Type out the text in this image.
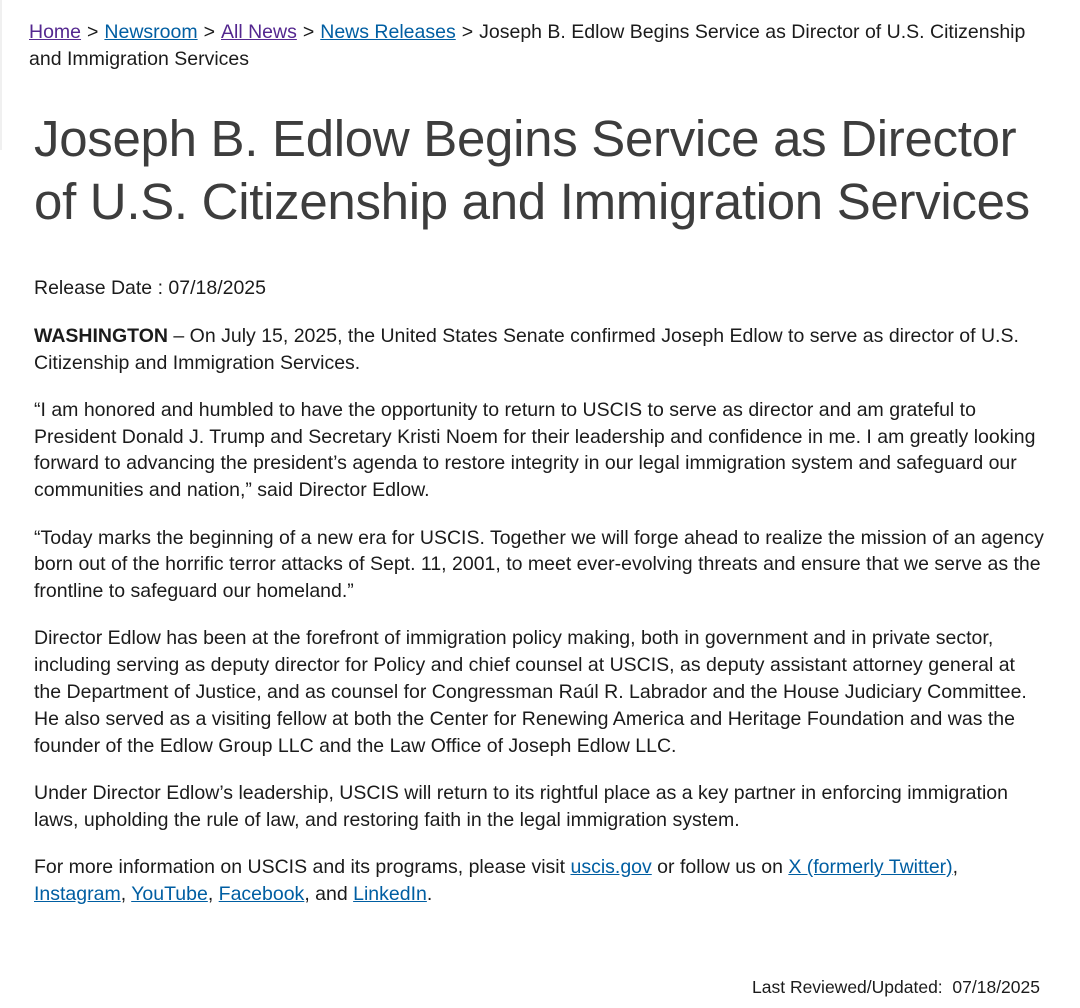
Home > Newsroom > All News > News Releases > Joseph B. Edlow Begins Service as Director of U.S. Citizenship and Immigration Services
Joseph B. Edlow Begins Service as Director of U.S. Citizenship and Immigration Services

Release Date : 07/18/2025

WASHINGTON – On July 15, 2025, the United States Senate confirmed Joseph Edlow to serve as director of U.S. Citizenship and Immigration Services.

“I am honored and humbled to have the opportunity to return to USCIS to serve as director and am grateful to President Donald J. Trump and Secretary Kristi Noem for their leadership and confidence in me. I am greatly looking forward to advancing the president’s agenda to restore integrity in our legal immigration system and safeguard our communities and nation,” said Director Edlow.

“Today marks the beginning of a new era for USCIS. Together we will forge ahead to realize the mission of an agency born out of the horrific terror attacks of Sept. 11, 2001, to meet ever-evolving threats and ensure that we serve as the frontline to safeguard our homeland.”

Director Edlow has been at the forefront of immigration policy making, both in government and in private sector, including serving as deputy director for Policy and chief counsel at USCIS, as deputy assistant attorney general at the Department of Justice, and as counsel for Congressman Raúl R. Labrador and the House Judiciary Committee. He also served as a visiting fellow at both the Center for Renewing America and Heritage Foundation and was the founder of the Edlow Group LLC and the Law Office of Joseph Edlow LLC.

Under Director Edlow’s leadership, USCIS will return to its rightful place as a key partner in enforcing immigration laws, upholding the rule of law, and restoring faith in the legal immigration system.

For more information on USCIS and its programs, please visit uscis.gov or follow us on X (formerly Twitter), Instagram, YouTube, Facebook, and LinkedIn.

Last Reviewed/Updated: 07/18/2025
